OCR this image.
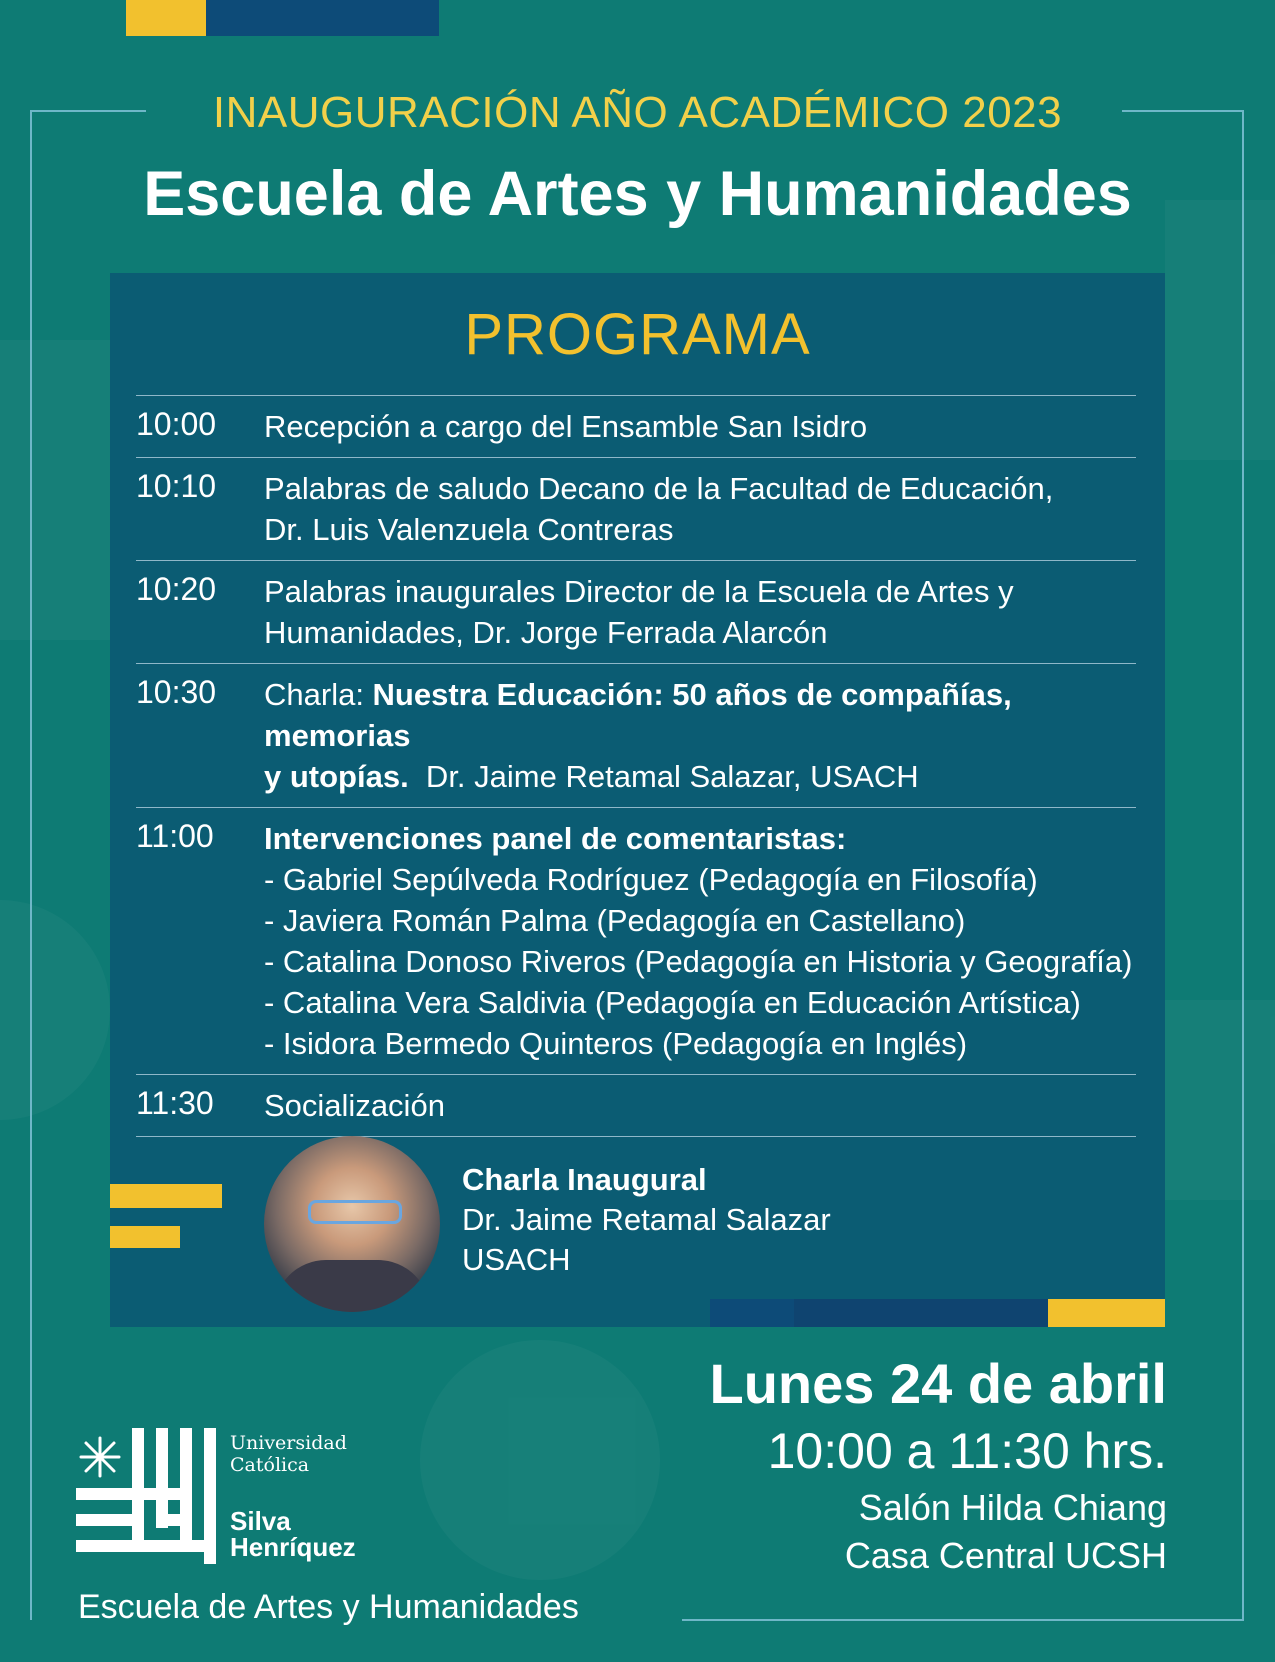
INAUGURACIÓN AÑO ACADÉMICO 2023
Escuela de Artes y Humanidades
PROGRAMA
10:00	Recepción a cargo del Ensamble San Isidro
10:10	Palabras de saludo Decano de la Facultad de Educación,
Dr. Luis Valenzuela Contreras
10:20	Palabras inaugurales Director de la Escuela de Artes y
Humanidades, Dr. Jorge Ferrada Alarcón
10:30	Charla: Nuestra Educación: 50 años de compañías, memorias
y utopías.  Dr. Jaime Retamal Salazar, USACH
11:00	Intervenciones panel de comentaristas:
- Gabriel Sepúlveda Rodríguez (Pedagogía en Filosofía)
- Javiera Román Palma (Pedagogía en Castellano)
- Catalina Donoso Riveros (Pedagogía en Historia y Geografía)
- Catalina Vera Saldivia (Pedagogía en Educación Artística)
- Isidora Bermedo Quinteros (Pedagogía en Inglés)
11:30	Socialización
Charla Inaugural
Dr. Jaime Retamal Salazar
USACH
Lunes 24 de abril
10:00 a 11:30 hrs.
Salón Hilda Chiang
Casa Central UCSH
Universidad
Católica
Silva
Henríquez
Escuela de Artes y Humanidades
